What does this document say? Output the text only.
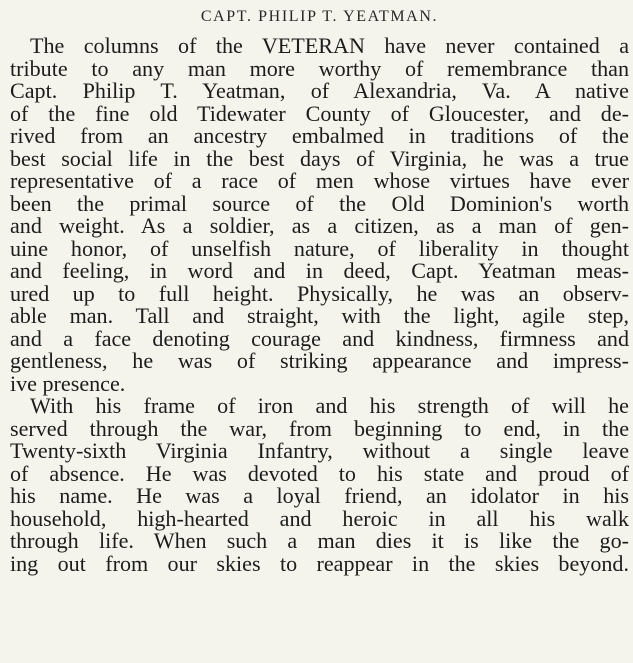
CAPT. PHILIP T. YEATMAN.
The columns of the VETERAN have never contained a
tribute to any man more worthy of remembrance than
Capt. Philip T. Yeatman, of Alexandria, Va. A native
of the fine old Tidewater County of Gloucester, and de-
rived from an ancestry embalmed in traditions of the
best social life in the best days of Virginia, he was a true
representative of a race of men whose virtues have ever
been the primal source of the Old Dominion's worth
and weight. As a soldier, as a citizen, as a man of gen-
uine honor, of unselfish nature, of liberality in thought
and feeling, in word and in deed, Capt. Yeatman meas-
ured up to full height. Physically, he was an observ-
able man. Tall and straight, with the light, agile step,
and a face denoting courage and kindness, firmness and
gentleness, he was of striking appearance and impress-
ive presence.
With his frame of iron and his strength of will he
served through the war, from beginning to end, in the
Twenty-sixth Virginia Infantry, without a single leave
of absence. He was devoted to his state and proud of
his name. He was a loyal friend, an idolator in his
household, high-hearted and heroic in all his walk
through life. When such a man dies it is like the go-
ing out from our skies to reappear in the skies beyond.
